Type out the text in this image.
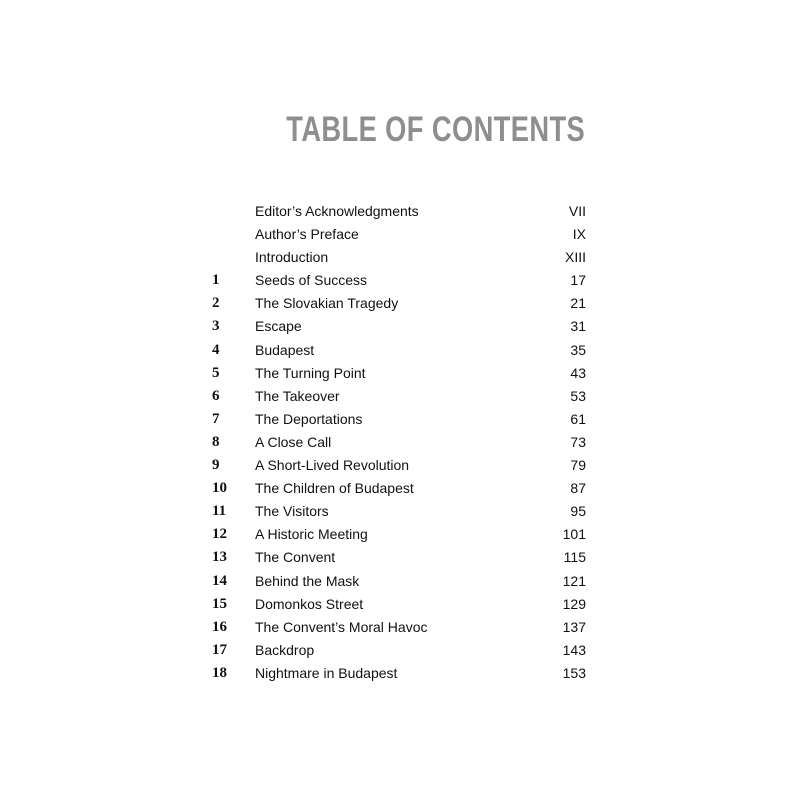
TABLE OF CONTENTS
Editor’s Acknowledgments	VII
Author’s Preface	IX
Introduction	XIII
1	Seeds of Success	17
2	The Slovakian Tragedy	21
3	Escape	31
4	Budapest	35
5	The Turning Point	43
6	The Takeover	53
7	The Deportations	61
8	A Close Call	73
9	A Short-Lived Revolution	79
10 The Children of Budapest	87
11 The Visitors	95
12 A Historic Meeting	101
13 The Convent	115
14 Behind the Mask	121
15 Domonkos Street	129
16 The Convent’s Moral Havoc	137
17 Backdrop	143
18 Nightmare in Budapest	153
